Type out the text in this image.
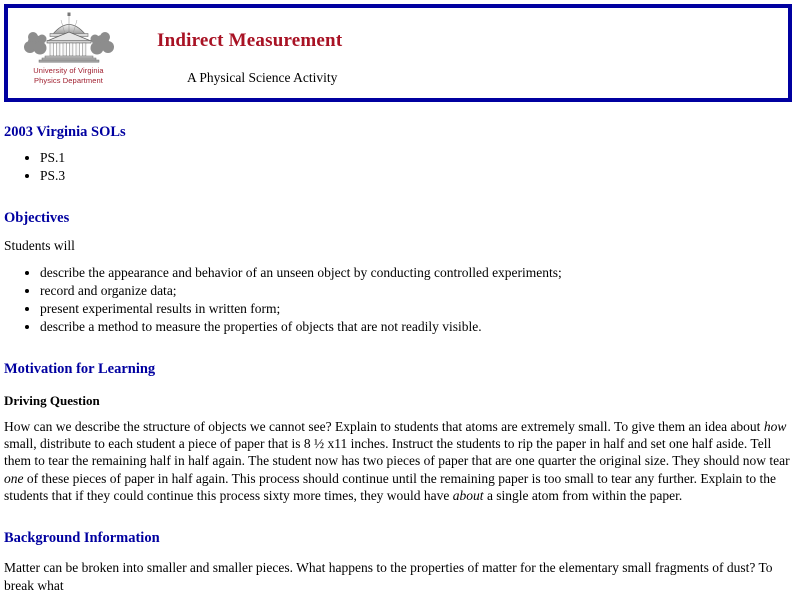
University of Virginia
Physics Department
Indirect Measurement
A Physical Science Activity
2003 Virginia SOLs
• PS.1
• PS.3
Objectives

Students will

• describe the appearance and behavior of an unseen object by conducting controlled experiments;
• record and organize data;
• present experimental results in written form;
• describe a method to measure the properties of objects that are not readily visible.
Motivation for Learning
Driving Question

How can we describe the structure of objects we cannot see? Explain to students that atoms are extremely small. To give them an idea about how small, distribute to each student a piece of paper that is 8 ½ x11 inches. Instruct the students to rip the paper in half and set one half aside. Tell them to tear the remaining half in half again. The student now has two pieces of paper that are one quarter the original size. They should now tear one of these pieces of paper in half again. This process should continue until the remaining paper is too small to tear any further. Explain to the students that if they could continue this process sixty more times, they would have about a single atom from within the paper.

Background Information

Matter can be broken into smaller and smaller pieces. What happens to the properties of matter for the elementary small fragments of dust? To break what
